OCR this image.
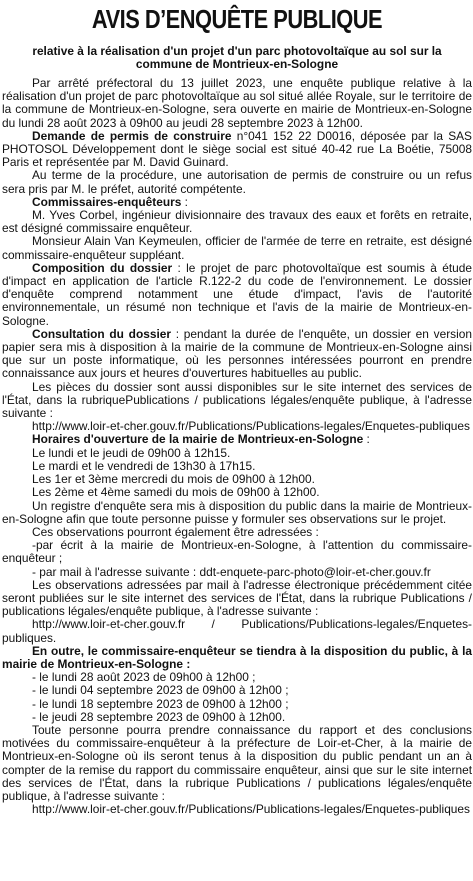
AVIS D’ENQUÊTE PUBLIQUE
relative à la réalisation d'un projet d'un parc photovoltaïque au sol sur la
commune de Montrieux-en-Sologne

Par arrêté préfectoral du 13 juillet 2023, une enquête publique relative à la réalisation d'un projet de parc photovoltaïque au sol situé allée Royale, sur le territoire de la commune de Montrieux-en-Sologne, sera ouverte en mairie de Montrieux-en-Sologne du lundi 28 août 2023 à 09h00 au jeudi 28 septembre 2023 à 12h00.

Demande de permis de construire n°041 152 22 D0016, déposée par la SAS PHOTOSOL Développement dont le siège social est situé 40-42 rue La Boétie, 75008 Paris et représentée par M. David Guinard.

Au terme de la procédure, une autorisation de permis de construire ou un refus sera pris par M. le préfet, autorité compétente.

Commissaires-enquêteurs :

M. Yves Corbel, ingénieur divisionnaire des travaux des eaux et forêts en retraite, est désigné commissaire enquêteur.

Monsieur Alain Van Keymeulen, officier de l'armée de terre en retraite, est désigné commissaire-enquêteur suppléant.

Composition du dossier : le projet de parc photovoltaïque est soumis à étude d'impact en application de l'article R.122-2 du code de l'environnement. Le dossier d'enquête comprend notamment une étude d'impact, l'avis de l'autorité environnementale, un résumé non technique et l'avis de la mairie de Montrieux-en-Sologne.

Consultation du dossier : pendant la durée de l'enquête, un dossier en version papier sera mis à disposition à la mairie de la commune de Montrieux-en-Sologne ainsi que sur un poste informatique, où les personnes intéressées pourront en prendre connaissance aux jours et heures d'ouvertures habituelles au public.

Les pièces du dossier sont aussi disponibles sur le site internet des services de l'État, dans la rubriquePublications / publications légales/enquête publique, à l'adresse suivante :

http://www.loir-et-cher.gouv.fr/Publications/Publications-legales/Enquetes-publiques

Horaires d'ouverture de la mairie de Montrieux-en-Sologne :

Le lundi et le jeudi de 09h00 à 12h15.

Le mardi et le vendredi de 13h30 à 17h15.

Les 1er et 3ème mercredi du mois de 09h00 à 12h00.

Les 2ème et 4ème samedi du mois de 09h00 à 12h00.

Un registre d'enquête sera mis à disposition du public dans la mairie de Montrieux-en-Sologne afin que toute personne puisse y formuler ses observations sur le projet.

Ces observations pourront également être adressées :

-par écrit à la mairie de Montrieux-en-Sologne, à l'attention du commissaire-enquêteur ;

- par mail à l'adresse suivante : ddt-enquete-parc-photo@loir-et-cher.gouv.fr

Les observations adressées par mail à l'adresse électronique précédemment citée seront publiées sur le site internet des services de l'État, dans la rubrique Publications / publications légales/enquête publique, à l'adresse suivante :

http://www.loir-et-cher.gouv.fr / Publications/Publications-legales/Enquetes-publiques.

En outre, le commissaire-enquêteur se tiendra à la disposition du public, à la mairie de Montrieux-en-Sologne :

- le lundi 28 août 2023 de 09h00 à 12h00 ;

- le lundi 04 septembre 2023 de 09h00 à 12h00 ;

- le lundi 18 septembre 2023 de 09h00 à 12h00 ;

- le jeudi 28 septembre 2023 de 09h00 à 12h00.

Toute personne pourra prendre connaissance du rapport et des conclusions motivées du commissaire-enquêteur à la préfecture de Loir-et-Cher, à la mairie de Montrieux-en-Sologne où ils seront tenus à la disposition du public pendant un an à compter de la remise du rapport du commissaire enquêteur, ainsi que sur le site internet des services de l'État, dans la rubrique Publications / publications légales/enquête publique, à l'adresse suivante :

http://www.loir-et-cher.gouv.fr/Publications/Publications-legales/Enquetes-publiques
